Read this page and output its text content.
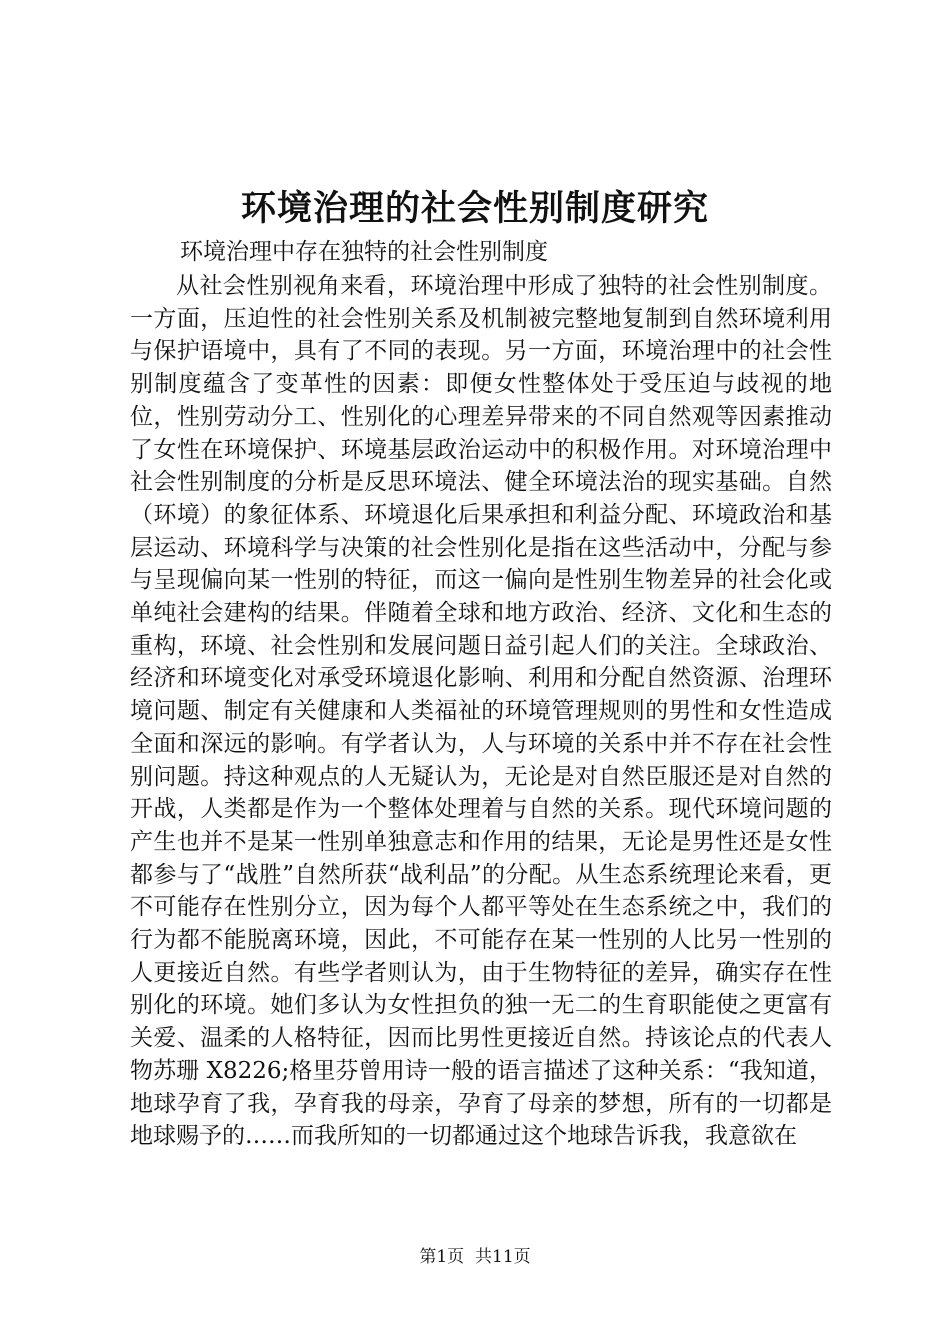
环境治理的社会性别制度研究

环境治理中存在独特的社会性别制度

从社会性别视角来看，环境治理中形成了独特的社会性别制度。一方面，压迫性的社会性别关系及机制被完整地复制到自然环境利用与保护语境中，具有了不同的表现。另一方面，环境治理中的社会性别制度蕴含了变革性的因素：即便女性整体处于受压迫与歧视的地位，性别劳动分工、性别化的心理差异带来的不同自然观等因素推动了女性在环境保护、环境基层政治运动中的积极作用。对环境治理中社会性别制度的分析是反思环境法、健全环境法治的现实基础。自然（环境）的象征体系、环境退化后果承担和利益分配、环境政治和基层运动、环境科学与决策的社会性别化是指在这些活动中，分配与参与呈现偏向某一性别的特征，而这一偏向是性别生物差异的社会化或单纯社会建构的结果。伴随着全球和地方政治、经济、文化和生态的重构，环境、社会性别和发展问题日益引起人们的关注。全球政治、经济和环境变化对承受环境退化影响、利用和分配自然资源、治理环境问题、制定有关健康和人类福祉的环境管理规则的男性和女性造成全面和深远的影响。有学者认为，人与环境的关系中并不存在社会性别问题。持这种观点的人无疑认为，无论是对自然臣服还是对自然的开战，人类都是作为一个整体处理着与自然的关系。现代环境问题的产生也并不是某一性别单独意志和作用的结果，无论是男性还是女性都参与了“战胜”自然所获“战利品”的分配。从生态系统理论来看，更不可能存在性别分立，因为每个人都平等处在生态系统之中，我们的行为都不能脱离环境，因此，不可能存在某一性别的人比另一性别的人更接近自然。有些学者则认为，由于生物特征的差异，确实存在性别化的环境。她们多认为女性担负的独一无二的生育职能使之更富有关爱、温柔的人格特征，因而比男性更接近自然。持该论点的代表人物苏珊 X8226;格里芬曾用诗一般的语言描述了这种关系：“我知道，地球孕育了我，孕育我的母亲，孕育了母亲的梦想，所有的一切都是地球赐予的……而我所知的一切都通过这个地球告诉我，我意欲在

第1页 共11页
